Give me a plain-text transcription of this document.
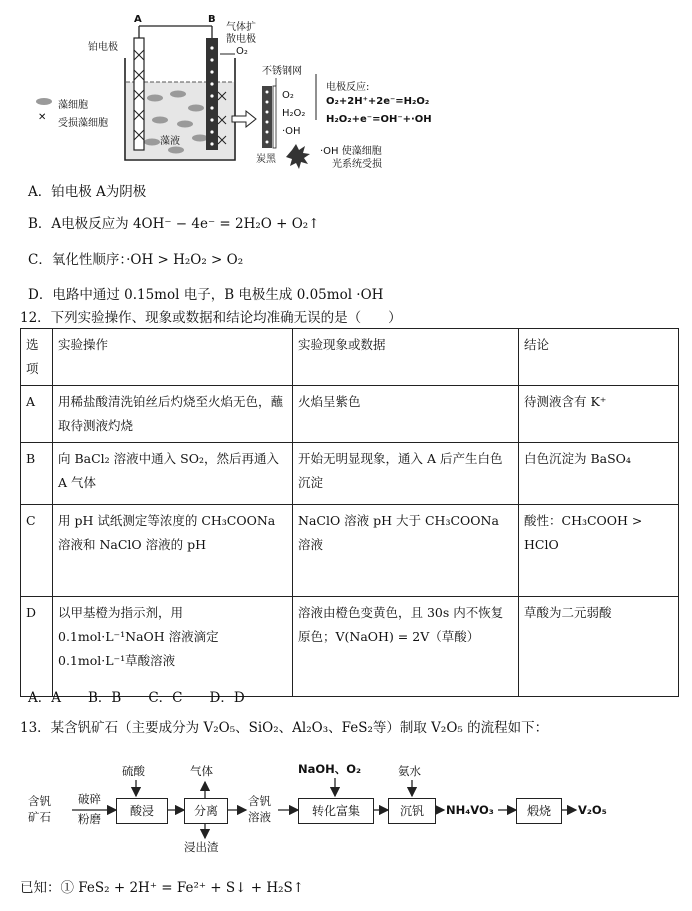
A	B
铂电极
气体扩
散电极
O₂
不锈钢网
藻细胞
✕
受损藻细胞
藻液
O₂
H₂O₂
·OH
炭黑
电极反应:
O₂+2H⁺+2e⁻=H₂O₂
H₂O₂+e⁻=OH⁻+·OH
·OH 使藻细胞
光系统受损
A．铂电极 A为阴极
B．A电极反应为 4OH⁻ − 4e⁻ = 2H₂O + O₂↑
C．氧化性顺序：·OH > H₂O₂ > O₂
D．电路中通过 0.15mol 电子，B 电极生成 0.05mol ·OH
12．下列实验操作、现象或数据和结论均准确无误的是（　　）
选项	实验操作	实验现象或数据	结论
A	用稀盐酸清洗铂丝后灼烧至火焰无色，蘸取待测液灼烧	火焰呈紫色	待测液含有 K⁺
B	向 BaCl₂ 溶液中通入 SO₂，然后再通入 A 气体	开始无明显现象，通入 A 后产生白色沉淀	白色沉淀为 BaSO₄
C	用 pH 试纸测定等浓度的 CH₃COONa 溶液和 NaClO 溶液的 pH	NaClO 溶液 pH 大于 CH₃COONa 溶液	酸性：CH₃COOH > HClO
D	以甲基橙为指示剂，用 0.1mol·L⁻¹NaOH 溶液滴定 0.1mol·L⁻¹草酸溶液	溶液由橙色变黄色，且 30s 内不恢复原色；V(NaOH) = 2V（草酸）	草酸为二元弱酸
A．A　　B．B　　C．C　　D．D
13．某含钒矿石（主要成分为 V₂O₅、SiO₂、Al₂O₃、FeS₂等）制取 V₂O₅ 的流程如下：
含钒
矿石
破碎
粉磨
硫酸
酸浸
气体
分离
浸出渣
含钒
溶液
NaOH、O₂
转化富集
氨水
沉钒	NH₄VO₃	煅烧	V₂O₅
已知：① FeS₂ + 2H⁺ = Fe²⁺ + S↓ + H₂S↑
